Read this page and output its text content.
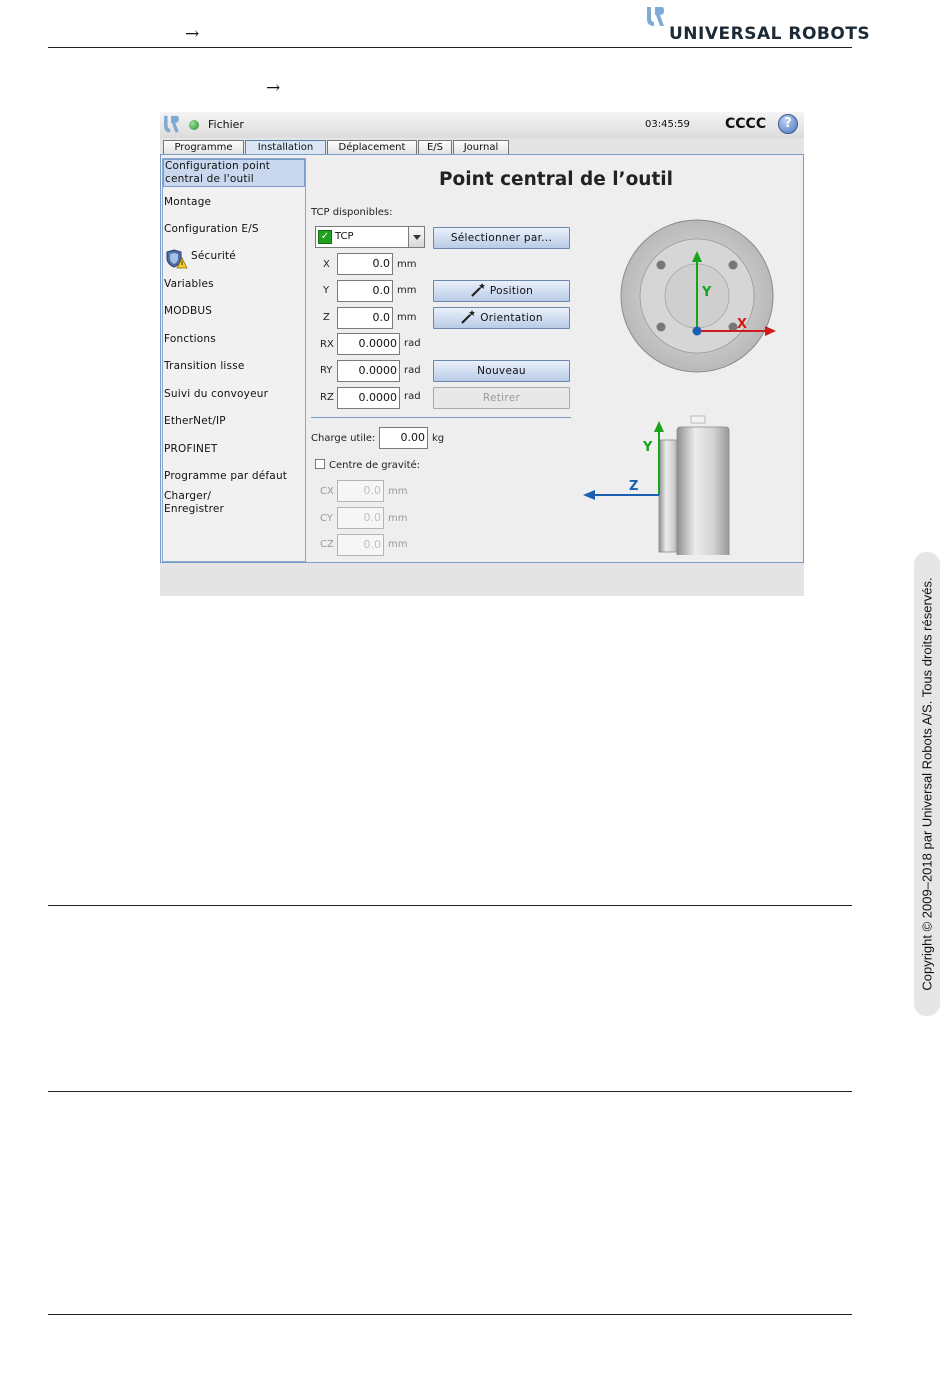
→	UNIVERSAL ROBOTS
→
Fichier	03:45:59	CCCC	?
Programme	Installation	Déplacement	E/S	Journal
Configuration point central de l'outil
Montage
Configuration E/S
Sécurité
Variables
MODBUS
Fonctions
Transition lisse
Suivi du convoyeur
EtherNet/IP
PROFINET
Programme par défaut
Charger/ Enregistrer
Point central de l’outil
TCP disponibles:
✓ TCP	Sélectionner par...
X	0.0 mm
Y	0.0 mm
Z	0.0 mm
RX	0.0000 rad
RY	0.0000 rad
RZ	0.0000 rad
Position
Orientation
Nouveau
Retirer
Charge utile:	0.00 kg
Centre de gravité:
CX	0.0 mm
CY	0.0 mm
CZ	0.0 mm
Y
X
Y
Z
Copyright © 2009–2018 par Universal Robots A/S. Tous droits réservés.
